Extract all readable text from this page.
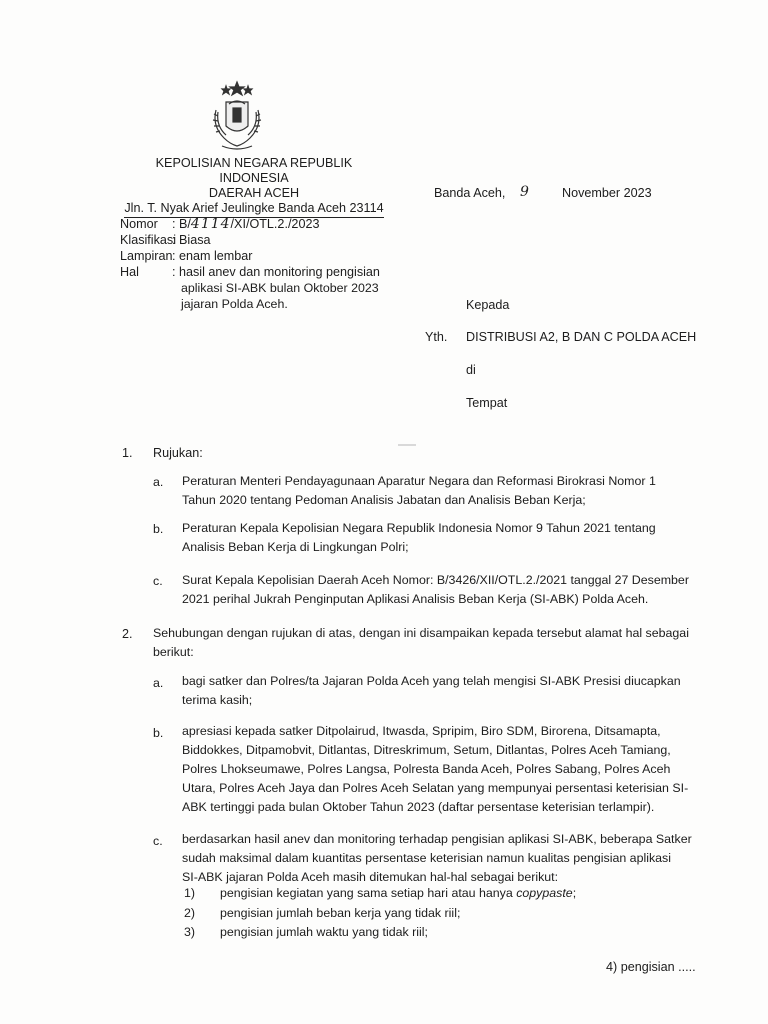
KEPOLISIAN NEGARA REPUBLIK INDONESIA
DAERAH ACEH
Jln. T. Nyak Arief Jeulingke Banda Aceh 23114
Banda Aceh, 9	November 2023
Nomor : B/4114/XI/OTL.2./2023
Klasifikasi: Biasa
Lampiran: enam lembar
Hal	: hasil anev dan monitoring pengisian
aplikasi SI-ABK bulan Oktober 2023
jajaran Polda Aceh.	Kepada
Yth. DISTRIBUSI A2, B DAN C POLDA ACEH
di
Tempat
1. Rujukan:
a. Peraturan Menteri Pendayagunaan Aparatur Negara dan Reformasi Birokrasi Nomor 1
Tahun 2020 tentang Pedoman Analisis Jabatan dan Analisis Beban Kerja;
b. Peraturan Kepala Kepolisian Negara Republik Indonesia Nomor 9 Tahun 2021 tentang
Analisis Beban Kerja di Lingkungan Polri;
c. Surat Kepala Kepolisian Daerah Aceh Nomor: B/3426/XII/OTL.2./2021 tanggal 27 Desember
2021 perihal Jukrah Penginputan Aplikasi Analisis Beban Kerja (SI-ABK) Polda Aceh.
2. Sehubungan dengan rujukan di atas, dengan ini disampaikan kepada tersebut alamat hal sebagai
berikut:
a. bagi satker dan Polres/ta Jajaran Polda Aceh yang telah mengisi SI-ABK Presisi diucapkan
terima kasih;
b. apresiasi kepada satker Ditpolairud, Itwasda, Spripim, Biro SDM, Birorena, Ditsamapta,
Biddokkes, Ditpamobvit, Ditlantas, Ditreskrimum, Setum, Ditlantas, Polres Aceh Tamiang,
Polres Lhokseumawe, Polres Langsa, Polresta Banda Aceh, Polres Sabang, Polres Aceh
Utara, Polres Aceh Jaya dan Polres Aceh Selatan yang mempunyai persentasi keterisian SI-
ABK tertinggi pada bulan Oktober Tahun 2023 (daftar persentase keterisian terlampir).
c. berdasarkan hasil anev dan monitoring terhadap pengisian aplikasi SI-ABK, beberapa Satker
sudah maksimal dalam kuantitas persentase keterisian namun kualitas pengisian aplikasi
SI-ABK jajaran Polda Aceh masih ditemukan hal-hal sebagai berikut:
1) pengisian kegiatan yang sama setiap hari atau hanya copypaste;
2) pengisian jumlah beban kerja yang tidak riil;
3) pengisian jumlah waktu yang tidak riil;
4) pengisian .....
